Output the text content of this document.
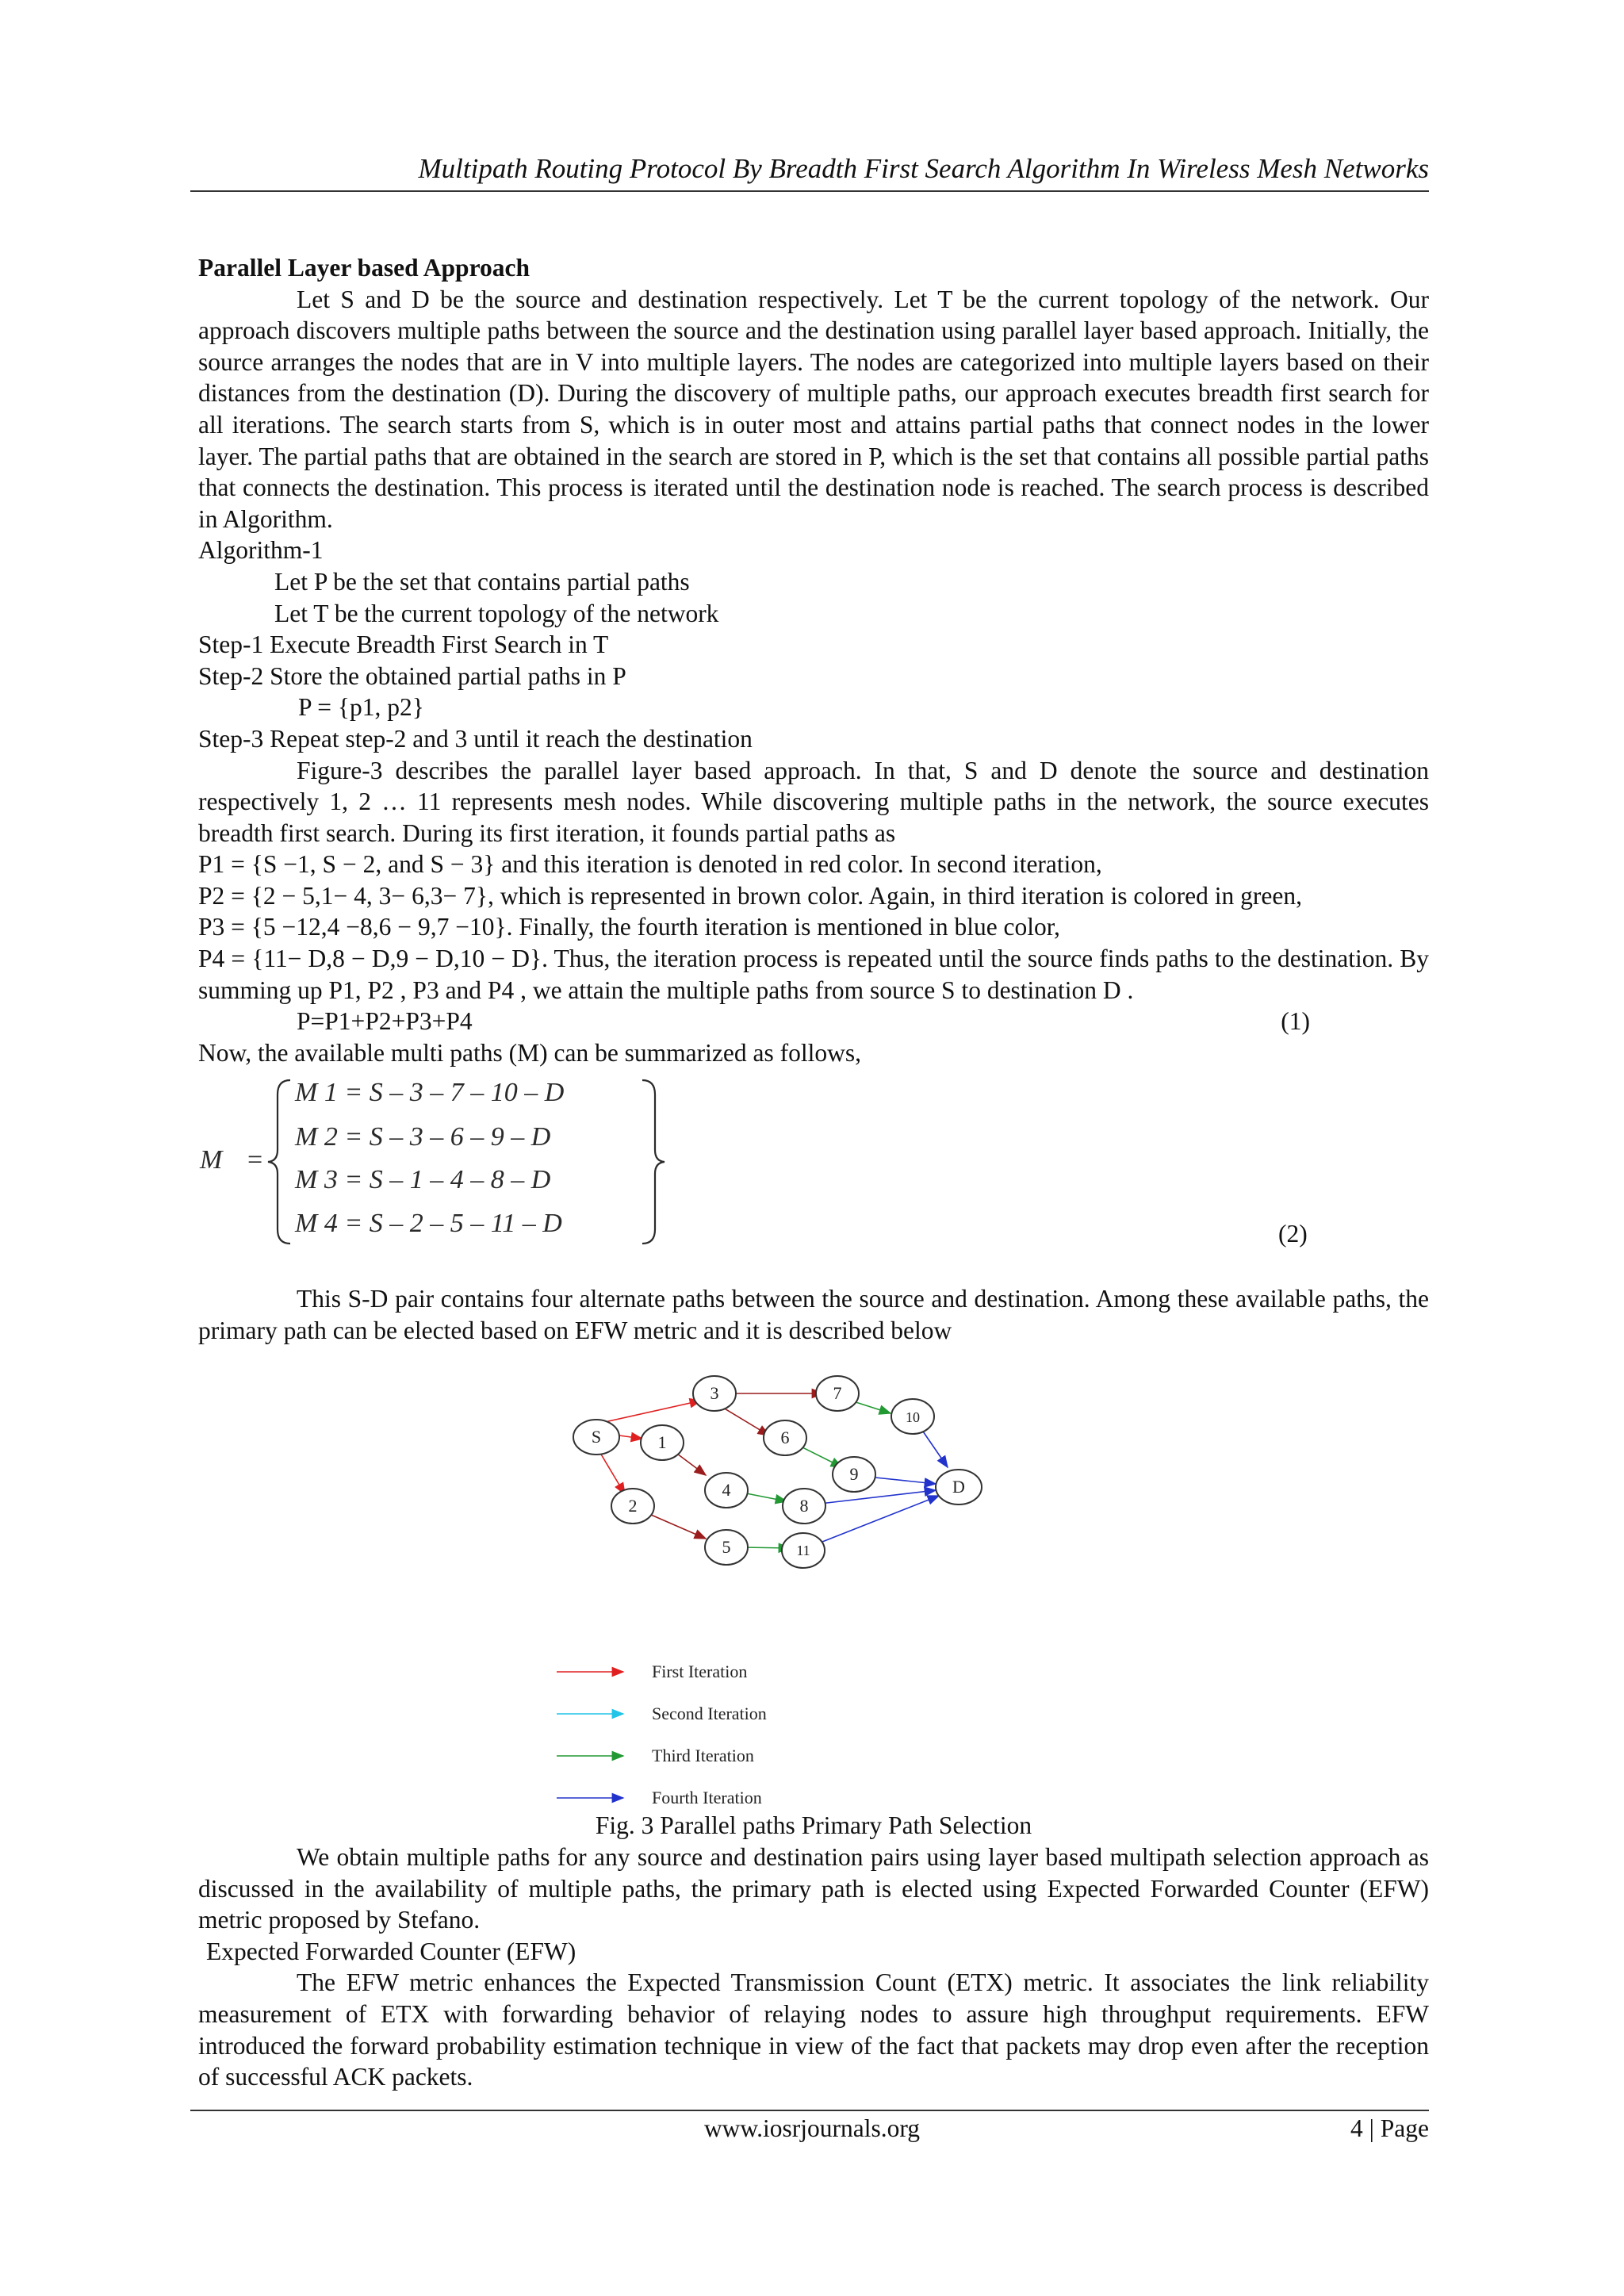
Multipath Routing Protocol By Breadth First Search Algorithm In Wireless Mesh Networks

Parallel Layer based Approach

Let S and D be the source and destination respectively. Let T be the current topology of the network. Our approach discovers multiple paths between the source and the destination using parallel layer based approach. Initially, the source arranges the nodes that are in V into multiple layers. The nodes are categorized into multiple layers based on their distances from the destination (D). During the discovery of multiple paths, our approach executes breadth first search for all iterations. The search starts from S, which is in outer most and attains partial paths that connect nodes in the lower layer. The partial paths that are obtained in the search are stored in P, which is the set that contains all possible partial paths that connects the destination. This process is iterated until the destination node is reached. The search process is described in Algorithm.

Algorithm-1

Let P be the set that contains partial paths

Let T be the current topology of the network

Step-1 Execute Breadth First Search in T

Step-2 Store the obtained partial paths in P

P = {p1, p2}

Step-3 Repeat step-2 and 3 until it reach the destination

Figure-3 describes the parallel layer based approach. In that, S and D denote the source and destination respectively 1, 2 … 11 represents mesh nodes. While discovering multiple paths in the network, the source executes breadth first search. During its first iteration, it founds partial paths as

P1 = {S −1, S − 2, and S − 3} and this iteration is denoted in red color. In second iteration,

P2 = {2 − 5,1− 4, 3− 6,3− 7}, which is represented in brown color. Again, in third iteration is colored in green,

P3 = {5 −12,4 −8,6 − 9,7 −10}. Finally, the fourth iteration is mentioned in blue color,

P4 = {11− D,8 − D,9 − D,10 − D}. Thus, the iteration process is repeated until the source finds paths to the destination. By summing up P1, P2 , P3 and P4 , we attain the multiple paths from source S to destination D .

P=P1+P2+P3+P4	(1)

Now, the available multi paths (M) can be summarized as follows,

M =
M 1 = S – 3 – 7 – 10 – D
M 2 = S – 3 – 6 – 9 – D
M 3 = S – 1 – 4 – 8 – D
M 4 = S – 2 – 5 – 11 – D	(2)

This S-D pair contains four alternate paths between the source and destination. Among these available paths, the primary path can be elected based on EFW metric and it is described below

S
3	7
10
1	6
9
D
4
8
2
5	11
First Iteration
Second Iteration
Third Iteration
Fourth Iteration
Fig. 3 Parallel paths Primary Path Selection

We obtain multiple paths for any source and destination pairs using layer based multipath selection approach as discussed in the availability of multiple paths, the primary path is elected using Expected Forwarded Counter (EFW) metric proposed by Stefano.

Expected Forwarded Counter (EFW)

The EFW metric enhances the Expected Transmission Count (ETX) metric. It associates the link reliability measurement of ETX with forwarding behavior of relaying nodes to assure high throughput requirements. EFW introduced the forward probability estimation technique in view of the fact that packets may drop even after the reception of successful ACK packets.

www.iosrjournals.org	4 | Page
